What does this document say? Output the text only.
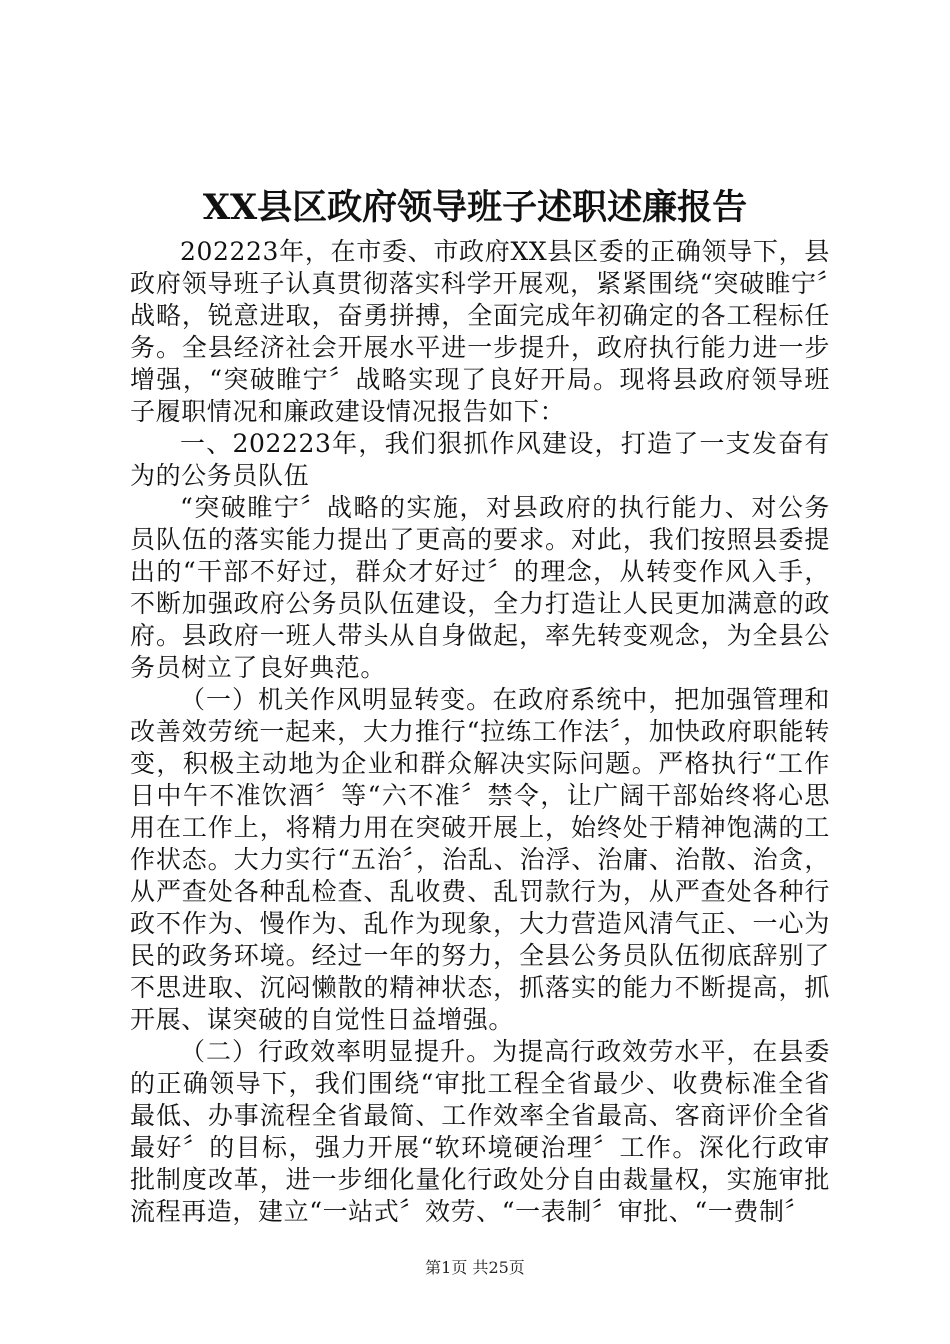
XX县区政府领导班子述职述廉报告

202223年，在市委、市政府XX县区委的正确领导下，县政府领导班子认真贯彻落实科学开展观，紧紧围绕“突破睢宁〞战略，锐意进取，奋勇拼搏，全面完成年初确定的各工程标任务。全县经济社会开展水平进一步提升，政府执行能力进一步增强，“突破睢宁〞战略实现了良好开局。现将县政府领导班子履职情况和廉政建设情况报告如下：

一、202223年，我们狠抓作风建设，打造了一支发奋有为的公务员队伍

“突破睢宁〞战略的实施，对县政府的执行能力、对公务员队伍的落实能力提出了更高的要求。对此，我们按照县委提出的“干部不好过，群众才好过〞的理念，从转变作风入手，不断加强政府公务员队伍建设，全力打造让人民更加满意的政府。县政府一班人带头从自身做起，率先转变观念，为全县公务员树立了良好典范。

（一）机关作风明显转变。在政府系统中，把加强管理和改善效劳统一起来，大力推行“拉练工作法〞，加快政府职能转变，积极主动地为企业和群众解决实际问题。严格执行“工作日中午不准饮酒〞等“六不准〞禁令，让广阔干部始终将心思用在工作上，将精力用在突破开展上，始终处于精神饱满的工作状态。大力实行“五治〞，治乱、治浮、治庸、治散、治贪，从严查处各种乱检查、乱收费、乱罚款行为，从严查处各种行政不作为、慢作为、乱作为现象，大力营造风清气正、一心为民的政务环境。经过一年的努力，全县公务员队伍彻底辞别了不思进取、沉闷懒散的精神状态，抓落实的能力不断提高，抓开展、谋突破的自觉性日益增强。

（二）行政效率明显提升。为提高行政效劳水平，在县委的正确领导下，我们围绕“审批工程全省最少、收费标准全省最低、办事流程全省最简、工作效率全省最高、客商评价全省最好〞的目标，强力开展“软环境硬治理〞工作。深化行政审批制度改革，进一步细化量化行政处分自由裁量权，实施审批流程再造，建立“一站式〞效劳、“一表制〞审批、“一费制〞

第1页 共25页
